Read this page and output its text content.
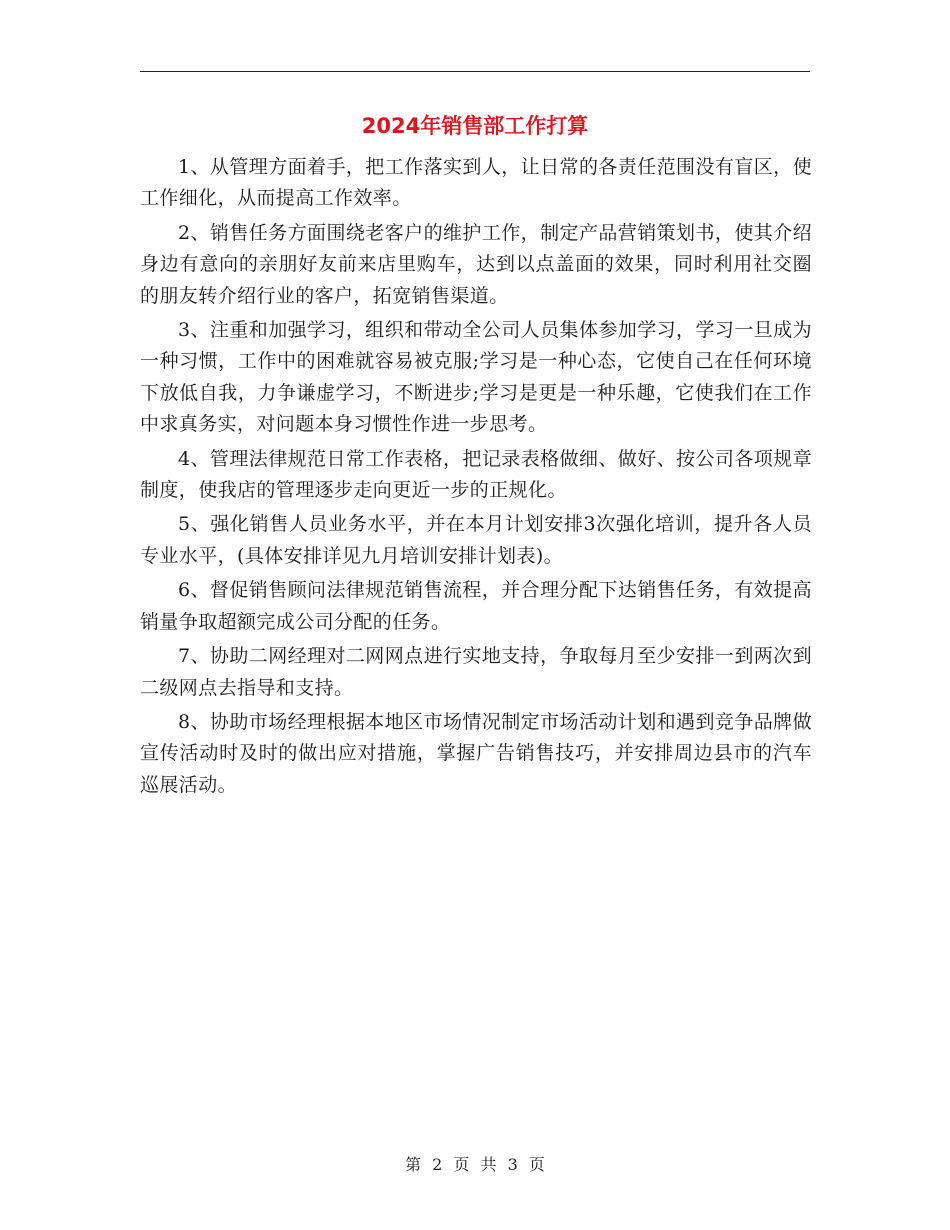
2024年销售部工作打算

1、从管理方面着手，把工作落实到人，让日常的各责任范围没有盲区，使工作细化，从而提高工作效率。

2、销售任务方面围绕老客户的维护工作，制定产品营销策划书，使其介绍身边有意向的亲朋好友前来店里购车，达到以点盖面的效果，同时利用社交圈的朋友转介绍行业的客户，拓宽销售渠道。

3、注重和加强学习，组织和带动全公司人员集体参加学习，学习一旦成为一种习惯，工作中的困难就容易被克服;学习是一种心态，它使自己在任何环境下放低自我，力争谦虚学习，不断进步;学习是更是一种乐趣，它使我们在工作中求真务实，对问题本身习惯性作进一步思考。

4、管理法律规范日常工作表格，把记录表格做细、做好、按公司各项规章制度，使我店的管理逐步走向更近一步的正规化。

5、强化销售人员业务水平，并在本月计划安排3次强化培训，提升各人员专业水平，(具体安排详见九月培训安排计划表)。

6、督促销售顾问法律规范销售流程，并合理分配下达销售任务，有效提高销量争取超额完成公司分配的任务。

7、协助二网经理对二网网点进行实地支持，争取每月至少安排一到两次到二级网点去指导和支持。

8、协助市场经理根据本地区市场情况制定市场活动计划和遇到竞争品牌做宣传活动时及时的做出应对措施，掌握广告销售技巧，并安排周边县市的汽车巡展活动。

第 2 页 共 3 页
